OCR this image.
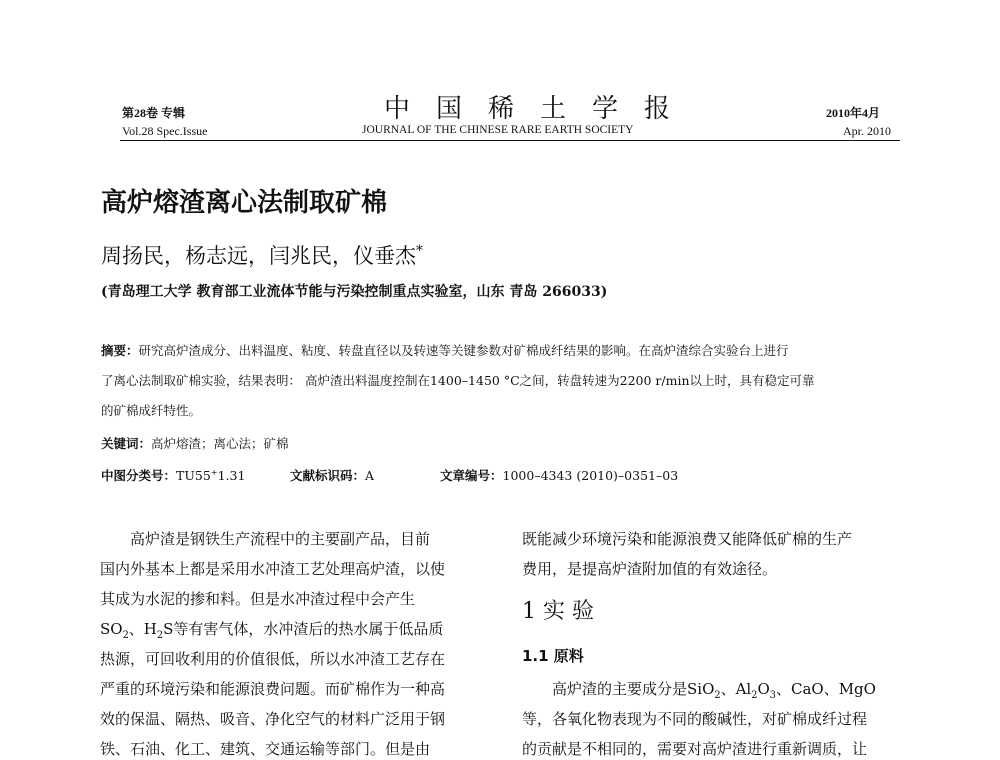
第28卷 专辑
Vol.28 Spec.Issue
中国稀土学报
JOURNAL OF THE CHINESE RARE EARTH SOCIETY
2010年4月
Apr. 2010
高炉熔渣离心法制取矿棉
周扬民，杨志远，闫兆民，仪垂杰*
(青岛理工大学 教育部工业流体节能与污染控制重点实验室，山东 青岛 266033)
摘要：研究高炉渣成分、出料温度、粘度、转盘直径以及转速等关键参数对矿棉成纤结果的影响。在高炉渣综合实验台上进行
了离心法制取矿棉实验，结果表明： 高炉渣出料温度控制在1400–1450 °C之间，转盘转速为2200 r/min以上时，具有稳定可靠
的矿棉成纤特性。
关键词：高炉熔渣；离心法；矿棉
中图分类号：TU55+1.31	文献标识码：A	文章编号：1000–4343 (2010)–0351–03
高炉渣是钢铁生产流程中的主要副产品，目前
国内外基本上都是采用水冲渣工艺处理高炉渣，以使
其成为水泥的掺和料。但是水冲渣过程中会产生
$SO_2$、$H_2S$等有害气体，水冲渣后的热水属于低品质
热源，可回收利用的价值很低，所以水冲渣工艺存在
严重的环境污染和能源浪费问题。而矿棉作为一种高
效的保温、隔热、吸音、净化空气的材料广泛用于钢
铁、石油、化工、建筑、交通运输等部门。但是由
既能减少环境污染和能源浪费又能降低矿棉的生产
费用，是提高炉渣附加值的有效途径。
1 实 验
1.1 原料
高炉渣的主要成分是SiO$_2$、$Al_2O_3$、CaO、MgO
等，各氧化物表现为不同的酸碱性，对矿棉成纤过程
的贡献是不相同的，需要对高炉渣进行重新调质，让
